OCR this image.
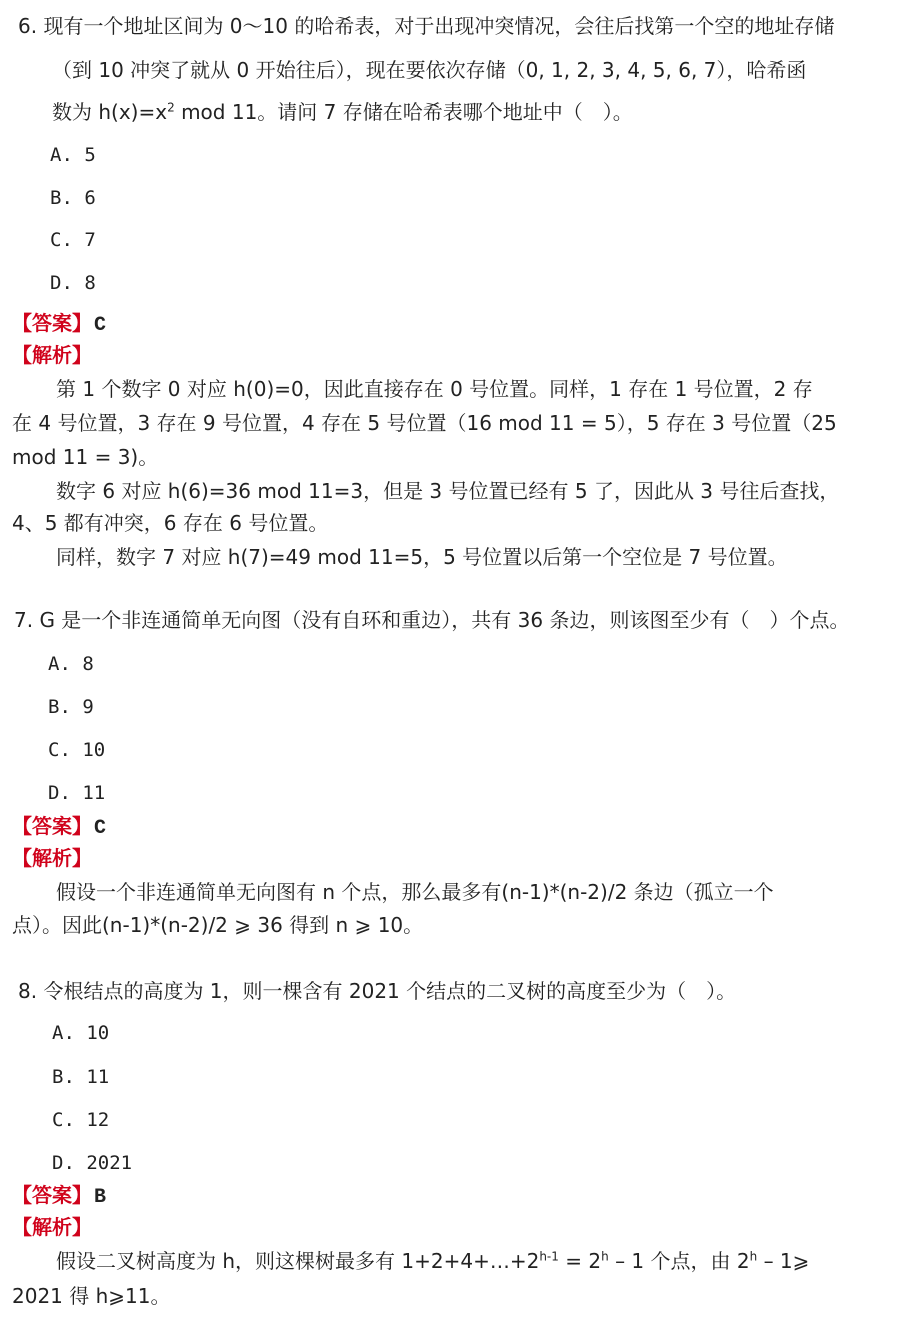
6. 现有一个地址区间为 0～10 的哈希表，对于出现冲突情况，会往后找第一个空的地址存储
（到 10 冲突了就从 0 开始往后），现在要依次存储（0, 1, 2, 3, 4, 5, 6, 7），哈希函
数为 $h(x)=x^2$ mod 11。请问 7 存储在哈希表哪个地址中（　）。
A. 5
B. 6
C. 7
D. 8
【答案】 C
【解析】
第 1 个数字 0 对应 h(0)=0，因此直接存在 0 号位置。同样，1 存在 1 号位置，2 存
在 4 号位置，3 存在 9 号位置，4 存在 5 号位置（16 mod 11 = 5），5 存在 3 号位置（25
mod 11 = 3)。
数字 6 对应 h(6)=36 mod 11=3，但是 3 号位置已经有 5 了，因此从 3 号往后查找，
4、5 都有冲突，6 存在 6 号位置。
同样，数字 7 对应 h(7)=49 mod 11=5，5 号位置以后第一个空位是 7 号位置。
7. G 是一个非连通简单无向图（没有自环和重边），共有 36 条边，则该图至少有（　）个点。
A. 8
B. 9
C. 10
D. 11
【答案】 C
【解析】
假设一个非连通简单无向图有 n 个点，那么最多有(n-1)*(n-2)/2 条边（孤立一个
点）。因此(n-1)*(n-2)/2 ⩾ 36 得到 n ⩾ 10。
8. 令根结点的高度为 1，则一棵含有 2021 个结点的二叉树的高度至少为（　）。
A. 10
B. 11
C. 12
D. 2021
【答案】 B
【解析】
假设二叉树高度为 h，则这棵树最多有 $1+2+4+\dots+2^{h-1} = 2^h - 1$ 个点，由 2$^h$ – 1⩾
2021 得 h⩾11。
